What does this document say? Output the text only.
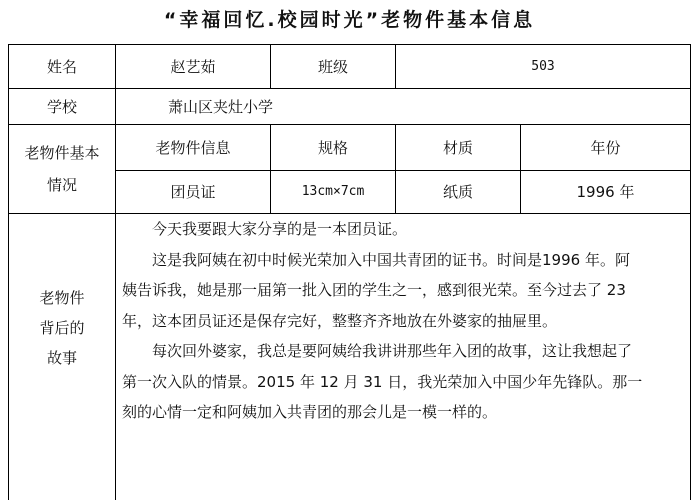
“幸福回忆.校园时光”老物件基本信息
姓名	赵艺茹	班级	503
学校	萧山区夹灶小学
老物件基本
情况
老物件信息	规格	材质	年份
团员证	13cm×7cm	纸质	1996 年
老物件
背后的
故事

今天我要跟大家分享的是一本团员证。

这是我阿姨在初中时候光荣加入中国共青团的证书。时间是1996 年。阿姨告诉我，她是那一届第一批入团的学生之一，感到很光荣。至今过去了 23 年，这本团员证还是保存完好，整整齐齐地放在外婆家的抽屉里。

每次回外婆家，我总是要阿姨给我讲讲那些年入团的故事，这让我想起了第一次入队的情景。2015 年 12 月 31 日，我光荣加入中国少年先锋队。那一刻的心情一定和阿姨加入共青团的那会儿是一模一样的。
